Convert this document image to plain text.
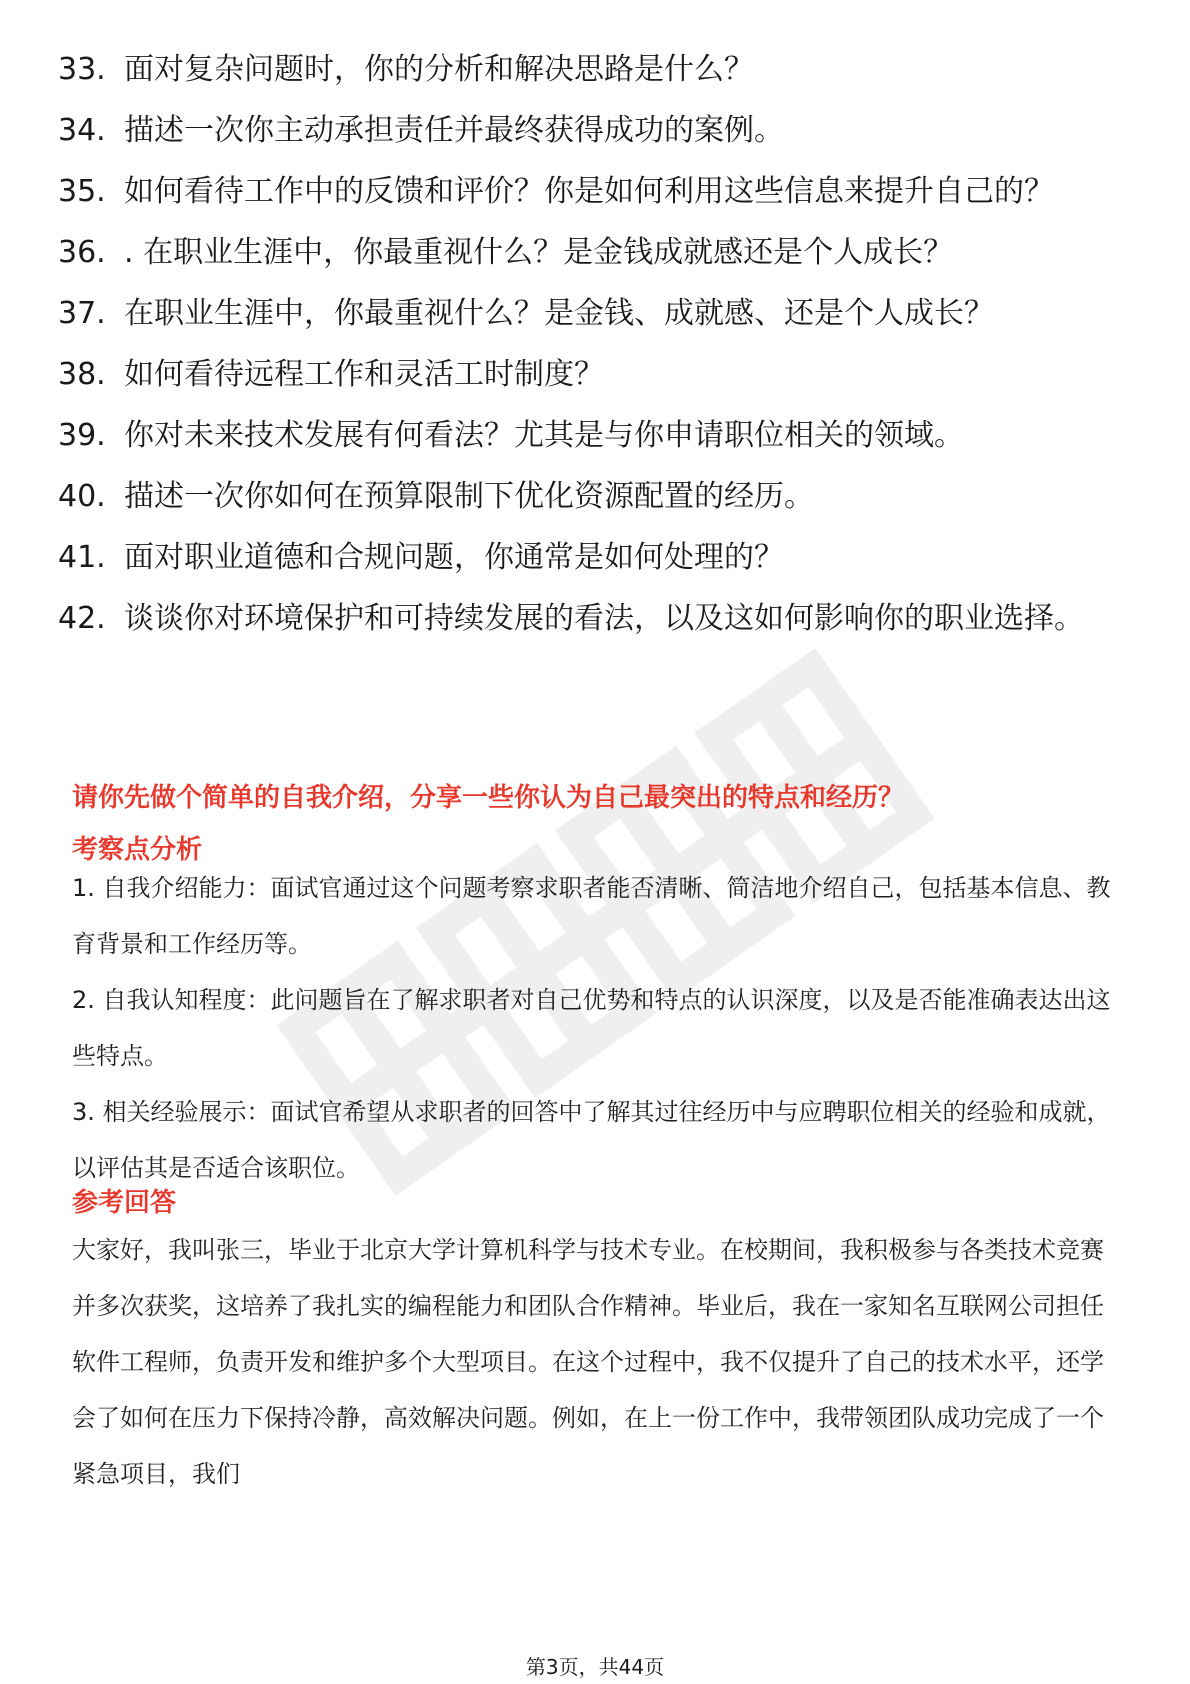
33. 面对复杂问题时，你的分析和解决思路是什么？
34. 描述一次你主动承担责任并最终获得成功的案例。
35. 如何看待工作中的反馈和评价？你是如何利用这些信息来提升自己的？
36. . 在职业生涯中，你最重视什么？是金钱成就感还是个人成长？
37. 在职业生涯中，你最重视什么？是金钱、成就感、还是个人成长？
38. 如何看待远程工作和灵活工时制度？
39. 你对未来技术发展有何看法？尤其是与你申请职位相关的领域。
40. 描述一次你如何在预算限制下优化资源配置的经历。
41. 面对职业道德和合规问题，你通常是如何处理的？
42. 谈谈你对环境保护和可持续发展的看法，以及这如何影响你的职业选择。
请你先做个简单的自我介绍，分享一些你认为自己最突出的特点和经历？
考察点分析
1. 自我介绍能力：面试官通过这个问题考察求职者能否清晰、简洁地介绍自己，包括基本信息、教育背景和工作经历等。
2. 自我认知程度：此问题旨在了解求职者对自己优势和特点的认识深度，以及是否能准确表达出这些特点。
3. 相关经验展示：面试官希望从求职者的回答中了解其过往经历中与应聘职位相关的经验和成就，以评估其是否适合该职位。
参考回答
大家好，我叫张三，毕业于北京大学计算机科学与技术专业。在校期间，我积极参与各类技术竞赛并多次获奖，这培养了我扎实的编程能力和团队合作精神。毕业后，我在一家知名互联网公司担任软件工程师，负责开发和维护多个大型项目。在这个过程中，我不仅提升了自己的技术水平，还学会了如何在压力下保持冷静，高效解决问题。例如，在上一份工作中，我带领团队成功完成了一个紧急项目，我们
第3页，共44页
